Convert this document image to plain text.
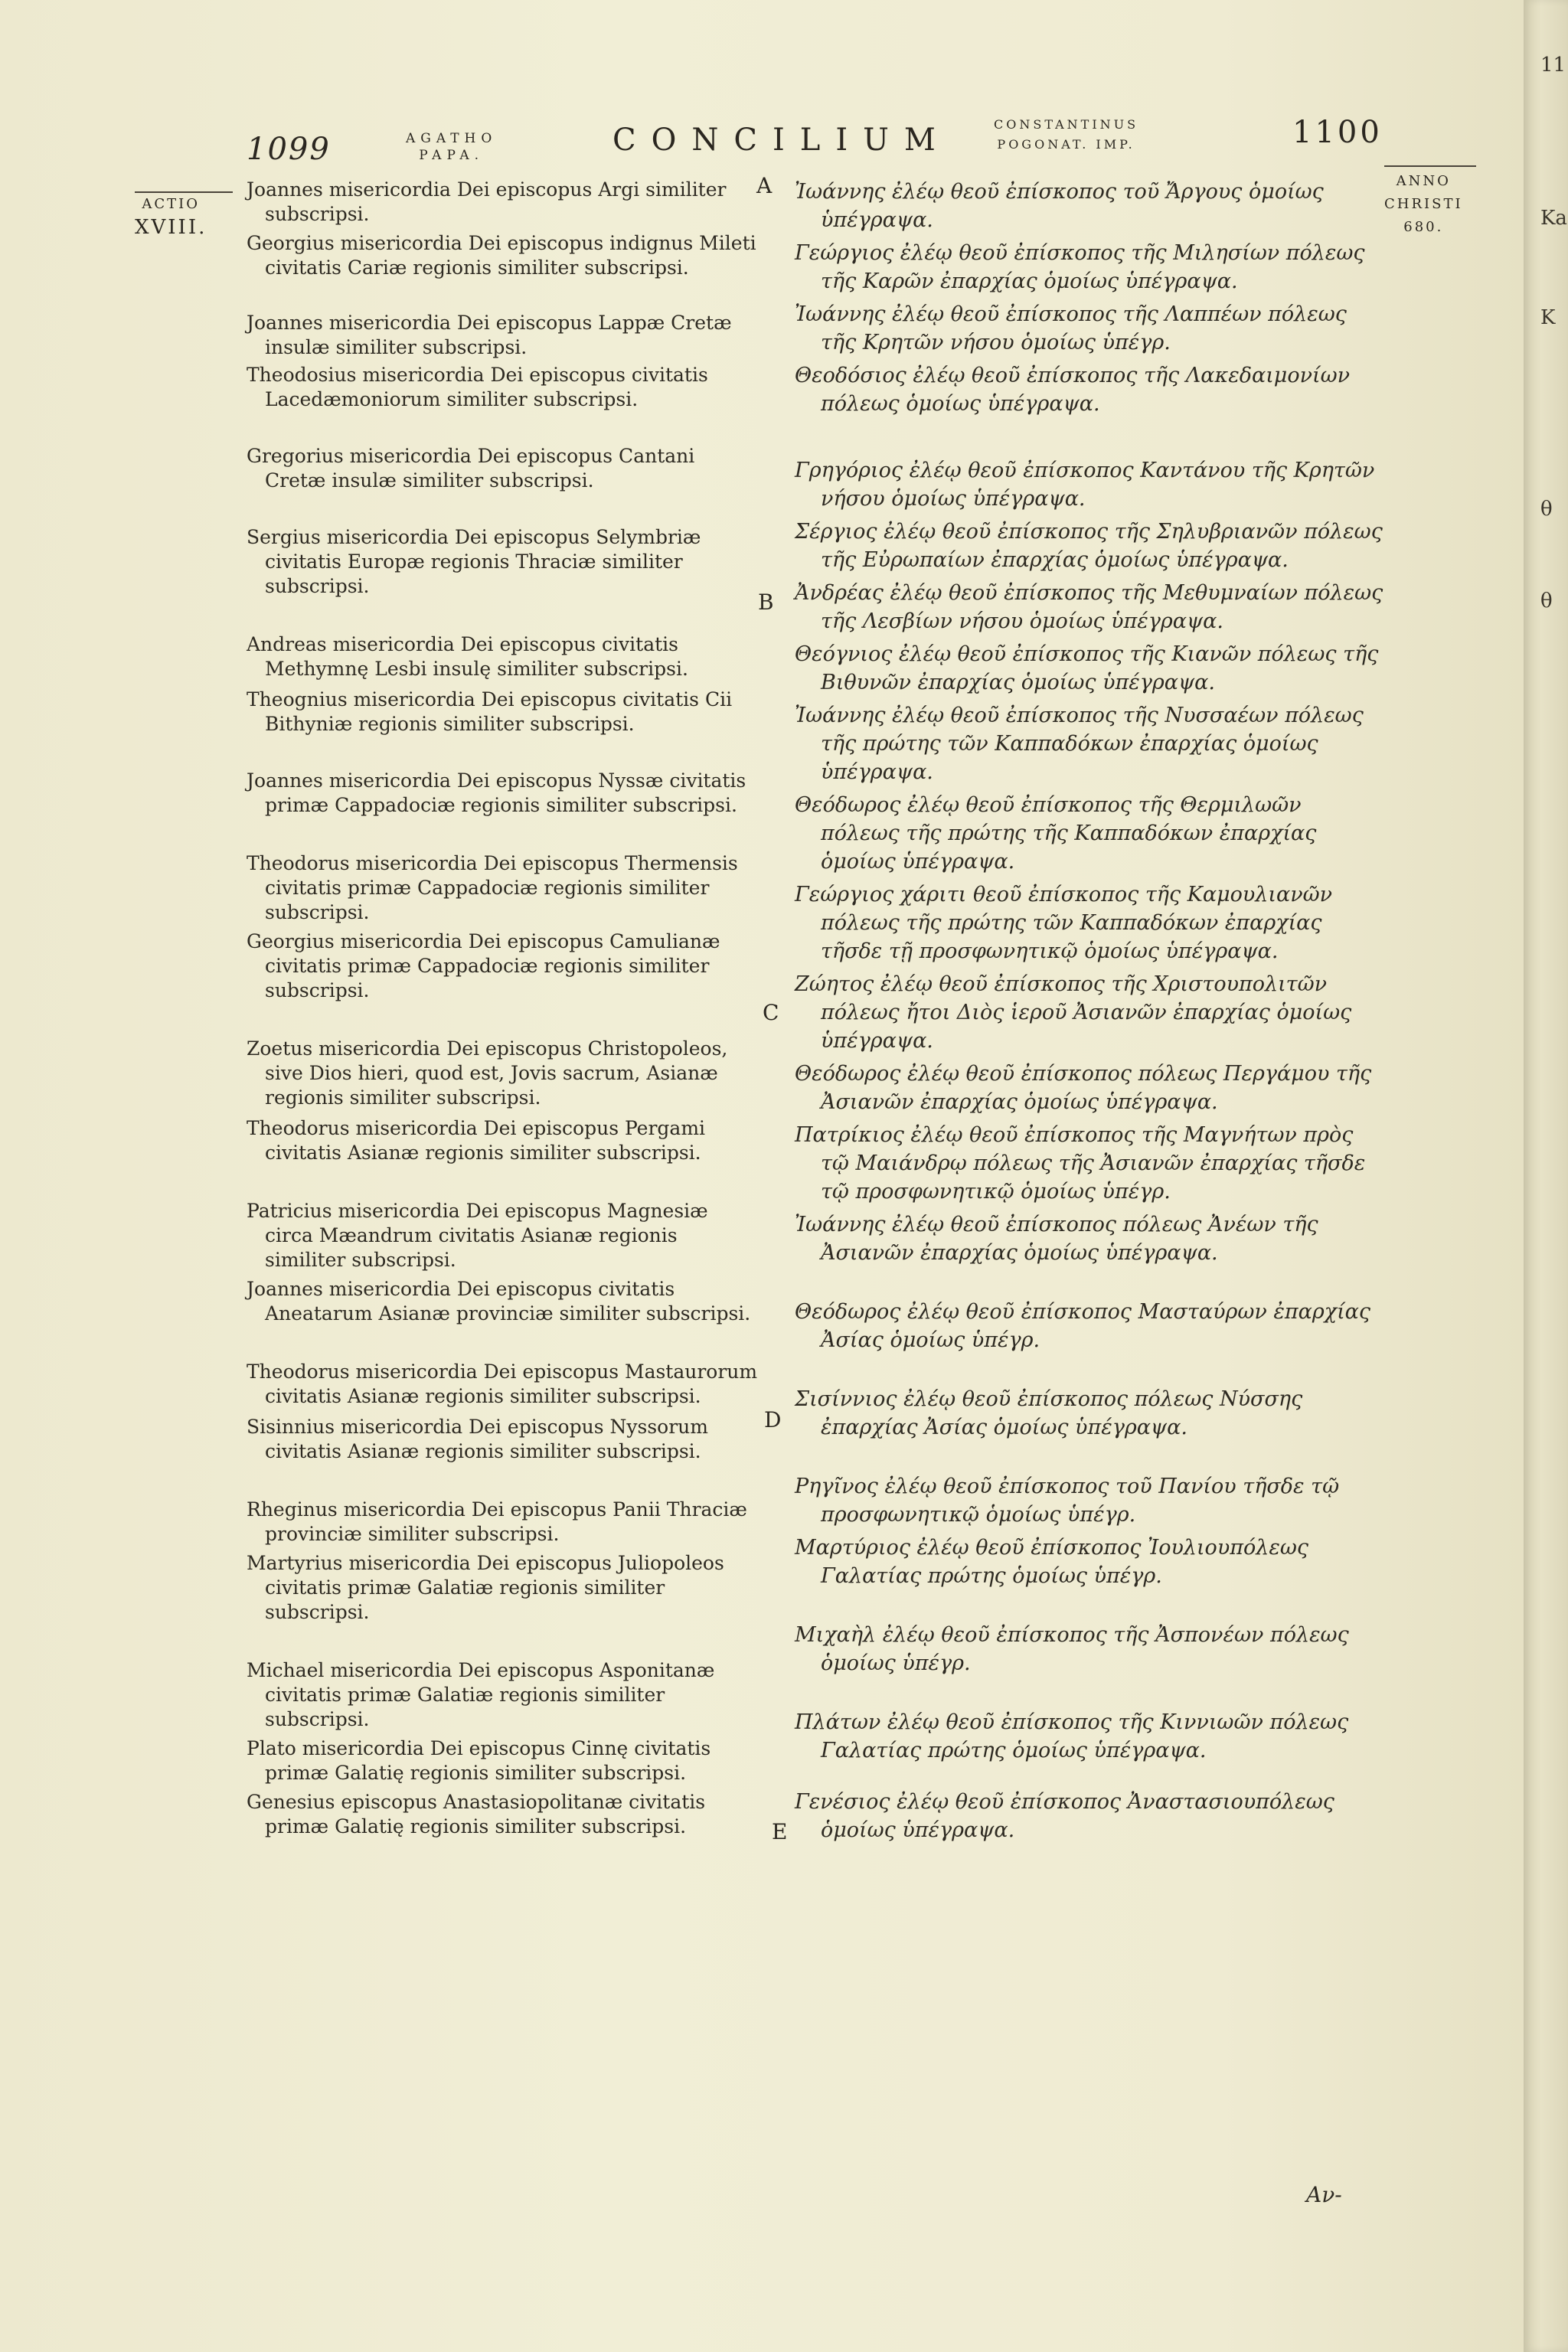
1099	AGATHO
PAPA.	CONCILIUM	CONSTANTINUS
POGONAT. IMP.	1100
ACTIO
XVIII.
ANNO
CHRISTI
680.

Joannes misericordia Dei episcopus Argi similiter subscripsi.

Georgius misericordia Dei episcopus indignus Mileti civitatis Cariæ regionis similiter subscripsi.

Joannes misericordia Dei episcopus Lappæ Cretæ insulæ similiter subscripsi.

Theodosius misericordia Dei episcopus civitatis Lacedæmoniorum similiter subscripsi.

Gregorius misericordia Dei episcopus Cantani Cretæ insulæ similiter subscripsi.

Sergius misericordia Dei episcopus Selymbriæ civitatis Europæ regionis Thraciæ similiter subscripsi.

Andreas misericordia Dei episcopus civitatis Methymnę Lesbi insulę similiter subscripsi.

Theognius misericordia Dei episcopus civitatis Cii Bithyniæ regionis similiter subscripsi.

Joannes misericordia Dei episcopus Nyssæ civitatis primæ Cappadociæ regionis similiter subscripsi.

Theodorus misericordia Dei episcopus Thermensis civitatis primæ Cappadociæ regionis similiter subscripsi.

Georgius misericordia Dei episcopus Camulianæ civitatis primæ Cappadociæ regionis similiter subscripsi.

Zoetus misericordia Dei episcopus Christopoleos, sive Dios hieri, quod est, Jovis sacrum, Asianæ regionis similiter subscripsi.

Theodorus misericordia Dei episcopus Pergami civitatis Asianæ regionis similiter subscripsi.

Patricius misericordia Dei episcopus Magnesiæ circa Mæandrum civitatis Asianæ regionis similiter subscripsi.

Joannes misericordia Dei episcopus civitatis Aneatarum Asianæ provinciæ similiter subscripsi.

Theodorus misericordia Dei episcopus Mastaurorum civitatis Asianæ regionis similiter subscripsi.

Sisinnius misericordia Dei episcopus Nyssorum civitatis Asianæ regionis similiter subscripsi.

Rheginus misericordia Dei episcopus Panii Thraciæ provinciæ similiter subscripsi.

Martyrius misericordia Dei episcopus Juliopoleos civitatis primæ Galatiæ regionis similiter subscripsi.

Michael misericordia Dei episcopus Asponitanæ civitatis primæ Galatiæ regionis similiter subscripsi.

Plato misericordia Dei episcopus Cinnę civitatis primæ Galatię regionis similiter subscripsi.

Genesius episcopus Anastasiopolitanæ civitatis primæ Galatię regionis similiter subscripsi.

A
B
C
D
E

Ἰωάννης ἐλέῳ θεοῦ ἐπίσκοπος τοῦ Ἄργους ὁμοίως ὑπέγραψα.

Γεώργιος ἐλέῳ θεοῦ ἐπίσκοπος τῆς Μιλησίων πόλεως τῆς Καρῶν ἐπαρχίας ὁμοίως ὑπέγραψα.

Ἰωάννης ἐλέῳ θεοῦ ἐπίσκοπος τῆς Λαππέων πόλεως τῆς Κρητῶν νήσου ὁμοίως ὑπέγρ.

Θεοδόσιος ἐλέῳ θεοῦ ἐπίσκοπος τῆς Λακεδαιμονίων πόλεως ὁμοίως ὑπέγραψα.

Γρηγόριος ἐλέῳ θεοῦ ἐπίσκοπος Καντάνου τῆς Κρητῶν νήσου ὁμοίως ὑπέγραψα.

Σέργιος ἐλέῳ θεοῦ ἐπίσκοπος τῆς Σηλυβριανῶν πόλεως τῆς Εὐρωπαίων ἐπαρχίας ὁμοίως ὑπέγραψα.

Ἀνδρέας ἐλέῳ θεοῦ ἐπίσκοπος τῆς Μεθυμναίων πόλεως τῆς Λεσβίων νήσου ὁμοίως ὑπέγραψα.

Θεόγνιος ἐλέῳ θεοῦ ἐπίσκοπος τῆς Κιανῶν πόλεως τῆς Βιθυνῶν ἐπαρχίας ὁμοίως ὑπέγραψα.

Ἰωάννης ἐλέῳ θεοῦ ἐπίσκοπος τῆς Νυσσαέων πόλεως τῆς πρώτης τῶν Καππαδόκων ἐπαρχίας ὁμοίως ὑπέγραψα.

Θεόδωρος ἐλέῳ θεοῦ ἐπίσκοπος τῆς Θερμιλωῶν πόλεως τῆς πρώτης τῆς Καππαδόκων ἐπαρχίας ὁμοίως ὑπέγραψα.

Γεώργιος χάριτι θεοῦ ἐπίσκοπος τῆς Καμουλιανῶν πόλεως τῆς πρώτης τῶν Καππαδόκων ἐπαρχίας τῆσδε τῇ προσφωνητικῷ ὁμοίως ὑπέγραψα.

Ζώητος ἐλέῳ θεοῦ ἐπίσκοπος τῆς Χριστουπολιτῶν πόλεως ἤτοι Διὸς ἱεροῦ Ἀσιανῶν ἐπαρχίας ὁμοίως ὑπέγραψα.

Θεόδωρος ἐλέῳ θεοῦ ἐπίσκοπος πόλεως Περγάμου τῆς Ἀσιανῶν ἐπαρχίας ὁμοίως ὑπέγραψα.

Πατρίκιος ἐλέῳ θεοῦ ἐπίσκοπος τῆς Μαγνήτων πρὸς τῷ Μαιάνδρῳ πόλεως τῆς Ἀσιανῶν ἐπαρχίας τῆσδε τῷ προσφωνητικῷ ὁμοίως ὑπέγρ.

Ἰωάννης ἐλέῳ θεοῦ ἐπίσκοπος πόλεως Ἀνέων τῆς Ἀσιανῶν ἐπαρχίας ὁμοίως ὑπέγραψα.

Θεόδωρος ἐλέῳ θεοῦ ἐπίσκοπος Μασταύρων ἐπαρχίας Ἀσίας ὁμοίως ὑπέγρ.

Σισίννιος ἐλέῳ θεοῦ ἐπίσκοπος πόλεως Νύσσης ἐπαρχίας Ἀσίας ὁμοίως ὑπέγραψα.

Ρηγῖνος ἐλέῳ θεοῦ ἐπίσκοπος τοῦ Πανίου τῆσδε τῷ προσφωνητικῷ ὁμοίως ὑπέγρ.

Μαρτύριος ἐλέῳ θεοῦ ἐπίσκοπος Ἰουλιουπόλεως Γαλατίας πρώτης ὁμοίως ὑπέγρ.

Μιχαὴλ ἐλέῳ θεοῦ ἐπίσκοπος τῆς Ἀσπονέων πόλεως ὁμοίως ὑπέγρ.

Πλάτων ἐλέῳ θεοῦ ἐπίσκοπος τῆς Κιννιωῶν πόλεως Γαλατίας πρώτης ὁμοίως ὑπέγραψα.

Γενέσιος ἐλέῳ θεοῦ ἐπίσκοπος Ἀναστασιουπόλεως ὁμοίως ὑπέγραψα.

Αν-
11
Ka
K
θ
θ
